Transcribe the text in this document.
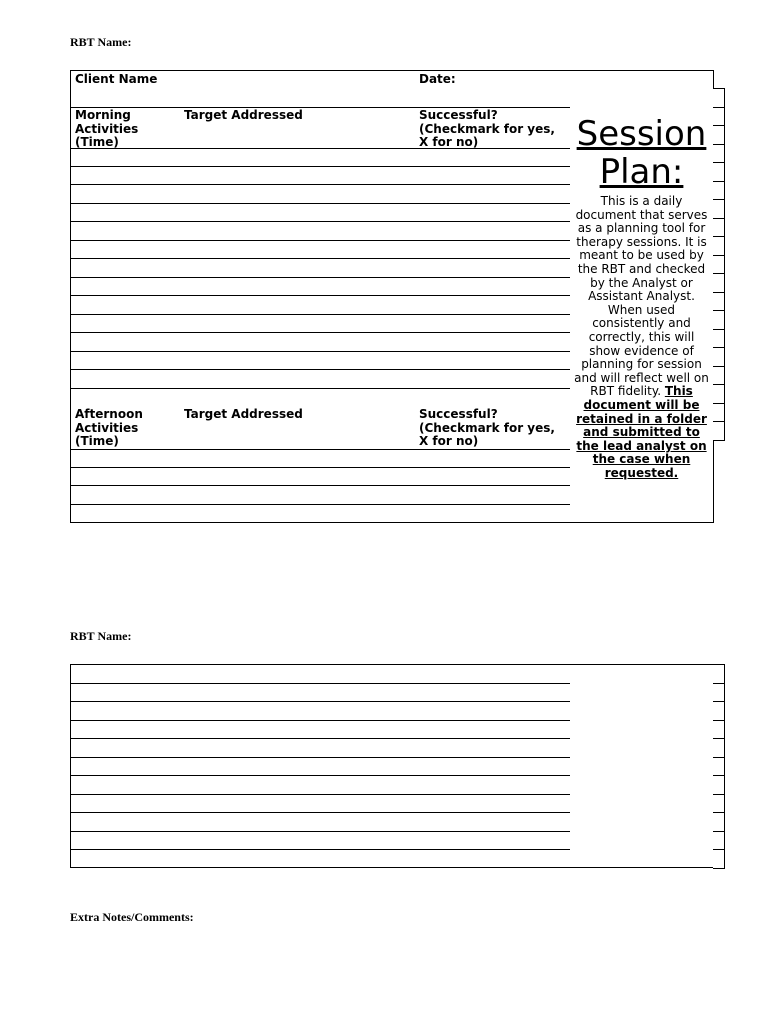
RBT Name:
Client Name
Morning Activities (Time)
Afternoon Activities (Time)
Target Addressed
Target Addressed
Date:
Successful? (Checkmark for yes, X for no)
Successful? (Checkmark for yes, X for no)
Session Plan:
This is a daily document that serves as a planning tool for therapy sessions. It is meant to be used by the RBT and checked by the Analyst or Assistant Analyst. When used consistently and correctly, this will show evidence of planning for session and will reflect well on RBT fidelity. This document will be retained in a folder and submitted to the lead analyst on the case when requested.
RBT Name:
Extra Notes/Comments:
